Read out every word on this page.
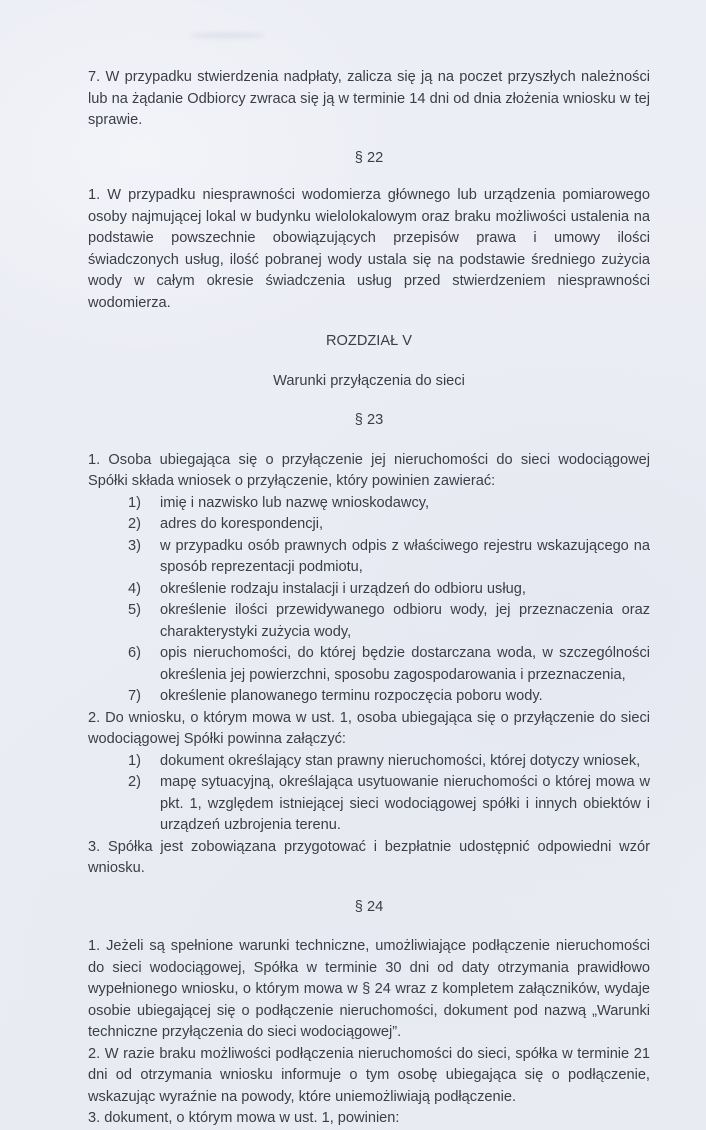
7. W przypadku stwierdzenia nadpłaty, zalicza się ją na poczet przyszłych należności lub na żądanie Odbiorcy zwraca się ją w terminie 14 dni od dnia złożenia wniosku w tej sprawie.

§ 22

1. W przypadku niesprawności wodomierza głównego lub urządzenia pomiarowego osoby najmującej lokal w budynku wielolokalowym oraz braku możliwości ustalenia na podstawie powszechnie obowiązujących przepisów prawa i umowy ilości świadczonych usług, ilość pobranej wody ustala się na podstawie średniego zużycia wody w całym okresie świadczenia usług przed stwierdzeniem niesprawności wodomierza.

ROZDZIAŁ V

Warunki przyłączenia do sieci

§ 23

1. Osoba ubiegająca się o przyłączenie jej nieruchomości do sieci wodociągowej Spółki składa wniosek o przyłączenie, który powinien zawierać:

1)	imię i nazwisko lub nazwę wnioskodawcy,
2)	adres do korespondencji,
3)	w przypadku osób prawnych odpis z właściwego rejestru wskazującego na sposób reprezentacji podmiotu,
4)	określenie rodzaju instalacji i urządzeń do odbioru usług,
5)	określenie ilości przewidywanego odbioru wody, jej przeznaczenia oraz charakterystyki zużycia wody,
6)	opis nieruchomości, do której będzie dostarczana woda, w szczególności określenia jej powierzchni, sposobu zagospodarowania i przeznaczenia,
7)	określenie planowanego terminu rozpoczęcia poboru wody.

2. Do wniosku, o którym mowa w ust. 1, osoba ubiegająca się o przyłączenie do sieci wodociągowej Spółki powinna załączyć:

1)	dokument określający stan prawny nieruchomości, której dotyczy wniosek,
2)	mapę sytuacyjną, określająca usytuowanie nieruchomości o której mowa w pkt. 1, względem istniejącej sieci wodociągowej spółki i innych obiektów i urządzeń uzbrojenia terenu.

3. Spółka jest zobowiązana przygotować i bezpłatnie udostępnić odpowiedni wzór wniosku.

§ 24

1. Jeżeli są spełnione warunki techniczne, umożliwiające podłączenie nieruchomości do sieci wodociągowej, Spółka w terminie 30 dni od daty otrzymania prawidłowo wypełnionego wniosku, o którym mowa w § 24 wraz z kompletem załączników, wydaje osobie ubiegającej się o podłączenie nieruchomości, dokument pod nazwą „Warunki techniczne przyłączenia do sieci wodociągowej”.

2. W razie braku możliwości podłączenia nieruchomości do sieci, spółka w terminie 21 dni od otrzymania wniosku informuje o tym osobę ubiegająca się o podłączenie, wskazując wyraźnie na powody, które uniemożliwiają podłączenie.

3. dokument, o którym mowa w ust. 1, powinien:
